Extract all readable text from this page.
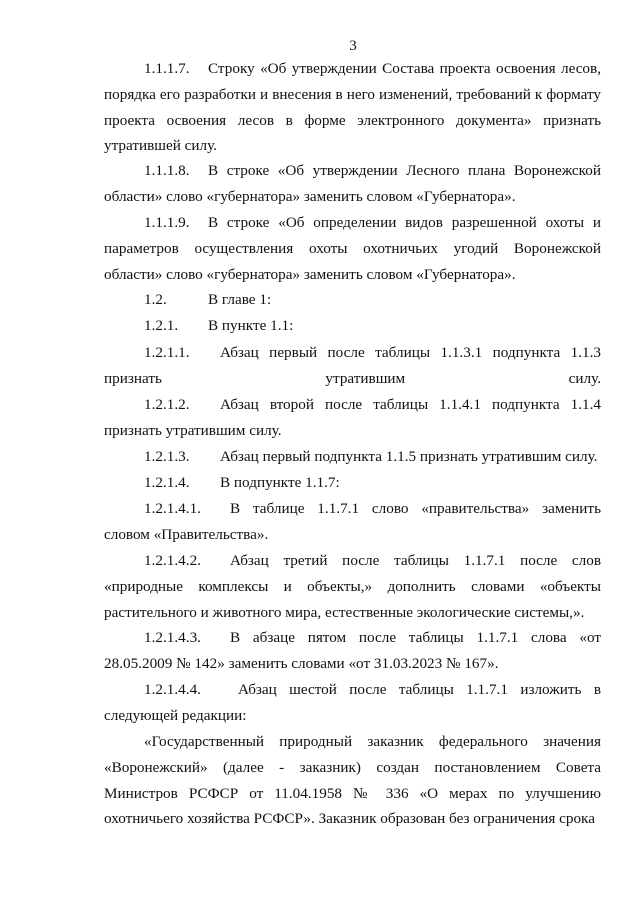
3
1.1.1.7. Строку «Об утверждении Состава проекта освоения лесов, порядка его разработки и внесения в него изменений, требований к формату проекта освоения лесов в форме электронного документа» признать утратившей силу.
1.1.1.8. В строке «Об утверждении Лесного плана Воронежской области» слово «губернатора» заменить словом «Губернатора».
1.1.1.9. В строке «Об определении видов разрешенной охоты и параметров осуществления охоты охотничьих угодий Воронежской области» слово «губернатора» заменить словом «Губернатора».
1.2.	В главе 1:
1.2.1. В пункте 1.1:
1.2.1.1. Абзац первый после таблицы 1.1.3.1 подпункта 1.1.3 признать утратившим силу.
1.2.1.2. Абзац второй после таблицы 1.1.4.1 подпункта 1.1.4 признать утратившим силу.
1.2.1.3. Абзац первый подпункта 1.1.5 признать утратившим силу.
1.2.1.4. В подпункте 1.1.7:
1.2.1.4.1. В таблице 1.1.7.1 слово «правительства» заменить словом «Правительства».
1.2.1.4.2. Абзац третий после таблицы 1.1.7.1 после слов «природные комплексы и объекты,» дополнить словами «объекты растительного и животного мира, естественные экологические системы,».
1.2.1.4.3. В абзаце пятом после таблицы 1.1.7.1 слова «от 28.05.2009 № 142» заменить словами «от 31.03.2023 № 167».
1.2.1.4.4. Абзац шестой после таблицы 1.1.7.1 изложить в следующей редакции:
«Государственный природный заказник федерального значения «Воронежский» (далее - заказник) создан постановлением Совета Министров РСФСР от 11.04.1958 № 336 «О мерах по улучшению охотничьего хозяйства РСФСР». Заказник образован без ограничения срока
